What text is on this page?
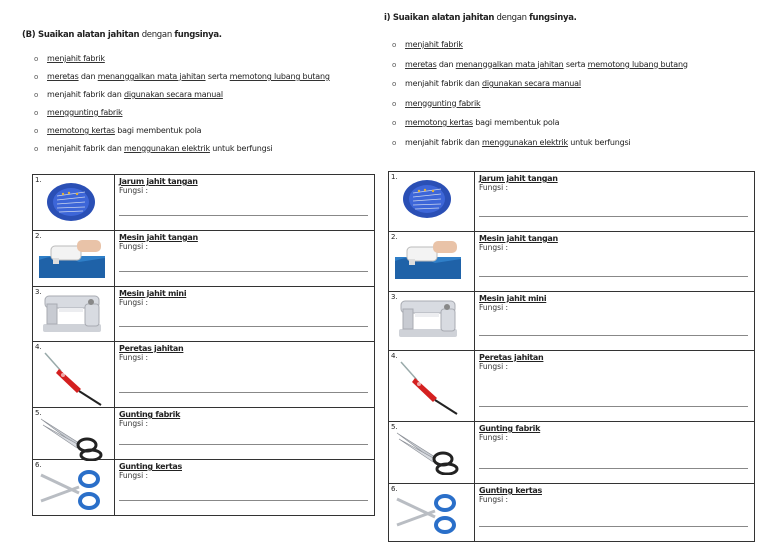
(B) Suaikan alatan jahitan dengan fungsinya.
o menjahit fabrik
o meretas dan menanggalkan mata jahitan serta memotong lubang butang
o menjahit fabrik dan digunakan secara manual
o menggunting fabrik
o memotong kertas bagi membentuk pola
o menjahit fabrik dan menggunakan elektrik untuk berfungsi
1.	Jarum jahit tangan
Fungsi :

2.	Mesin jahit tangan
Fungsi :

3.	Mesin jahit mini
Fungsi :

4.	Peretas jahitan
Fungsi :

5.	Gunting fabrik
Fungsi :

6.	Gunting kertas
Fungsi :
i) Suaikan alatan jahitan dengan fungsinya.
o menjahit fabrik
o meretas dan menanggalkan mata jahitan serta memotong lubang butang
o menjahit fabrik dan digunakan secara manual
o menggunting fabrik
o memotong kertas bagi membentuk pola
o menjahit fabrik dan menggunakan elektrik untuk berfungsi
1.	Jarum jahit tangan
Fungsi :

2.	Mesin jahit tangan
Fungsi :

3.	Mesin jahit mini
Fungsi :

4.	Peretas jahitan
Fungsi :

5.	Gunting fabrik
Fungsi :

6.	Gunting kertas
Fungsi :
